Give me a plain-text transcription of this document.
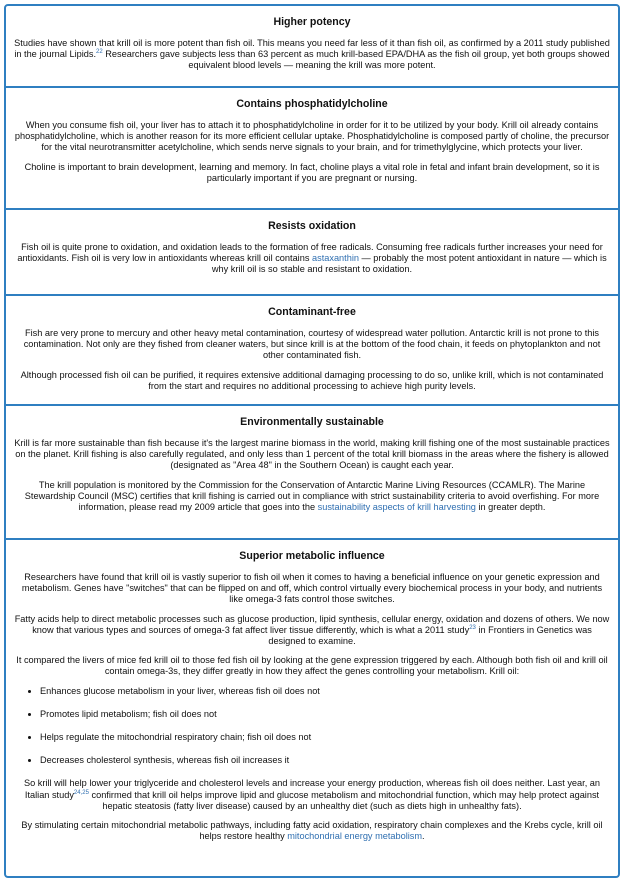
Higher potency

Studies have shown that krill oil is more potent than fish oil. This means you need far less of it than fish oil, as confirmed by a 2011 study published in the journal Lipids.$^{22}$ Researchers gave subjects less than 63 percent as much krill-based EPA/DHA as the fish oil group, yet both groups showed equivalent blood levels — meaning the krill was more potent.

Contains phosphatidylcholine

When you consume fish oil, your liver has to attach it to phosphatidylcholine in order for it to be utilized by your body. Krill oil already contains phosphatidylcholine, which is another reason for its more efficient cellular uptake. Phosphatidylcholine is composed partly of choline, the precursor for the vital neurotransmitter acetylcholine, which sends nerve signals to your brain, and for trimethylglycine, which protects your liver.

Choline is important to brain development, learning and memory. In fact, choline plays a vital role in fetal and infant brain development, so it is particularly important if you are pregnant or nursing.

Resists oxidation

Fish oil is quite prone to oxidation, and oxidation leads to the formation of free radicals. Consuming free radicals further increases your need for antioxidants. Fish oil is very low in antioxidants whereas krill oil contains astaxanthin — probably the most potent antioxidant in nature — which is why krill oil is so stable and resistant to oxidation.

Contaminant-free

Fish are very prone to mercury and other heavy metal contamination, courtesy of widespread water pollution. Antarctic krill is not prone to this contamination. Not only are they fished from cleaner waters, but since krill is at the bottom of the food chain, it feeds on phytoplankton and not other contaminated fish.

Although processed fish oil can be purified, it requires extensive additional damaging processing to do so, unlike krill, which is not contaminated from the start and requires no additional processing to achieve high purity levels.

Environmentally sustainable

Krill is far more sustainable than fish because it's the largest marine biomass in the world, making krill fishing one of the most sustainable practices on the planet. Krill fishing is also carefully regulated, and only less than 1 percent of the total krill biomass in the areas where the fishery is allowed (designated as "Area 48" in the Southern Ocean) is caught each year.

The krill population is monitored by the Commission for the Conservation of Antarctic Marine Living Resources (CCAMLR). The Marine Stewardship Council (MSC) certifies that krill fishing is carried out in compliance with strict sustainability criteria to avoid overfishing. For more information, please read my 2009 article that goes into the sustainability aspects of krill harvesting in greater depth.

Superior metabolic influence

Researchers have found that krill oil is vastly superior to fish oil when it comes to having a beneficial influence on your genetic expression and metabolism. Genes have "switches" that can be flipped on and off, which control virtually every biochemical process in your body, and nutrients like omega-3 fats control those switches.

Fatty acids help to direct metabolic processes such as glucose production, lipid synthesis, cellular energy, oxidation and dozens of others. We now know that various types and sources of omega-3 fat affect liver tissue differently, which is what a 2011 study$^{23}$ in Frontiers in Genetics was designed to examine.

It compared the livers of mice fed krill oil to those fed fish oil by looking at the gene expression triggered by each. Although both fish oil and krill oil contain omega-3s, they differ greatly in how they affect the genes controlling your metabolism. Krill oil:

• Enhances glucose metabolism in your liver, whereas fish oil does not
• Promotes lipid metabolism; fish oil does not
• Helps regulate the mitochondrial respiratory chain; fish oil does not
• Decreases cholesterol synthesis, whereas fish oil increases it

So krill will help lower your triglyceride and cholesterol levels and increase your energy production, whereas fish oil does neither. Last year, an Italian study$^{24,25}$ confirmed that krill oil helps improve lipid and glucose metabolism and mitochondrial function, which may help protect against hepatic steatosis (fatty liver disease) caused by an unhealthy diet (such as diets high in unhealthy fats).

By stimulating certain mitochondrial metabolic pathways, including fatty acid oxidation, respiratory chain complexes and the Krebs cycle, krill oil helps restore healthy mitochondrial energy metabolism.
